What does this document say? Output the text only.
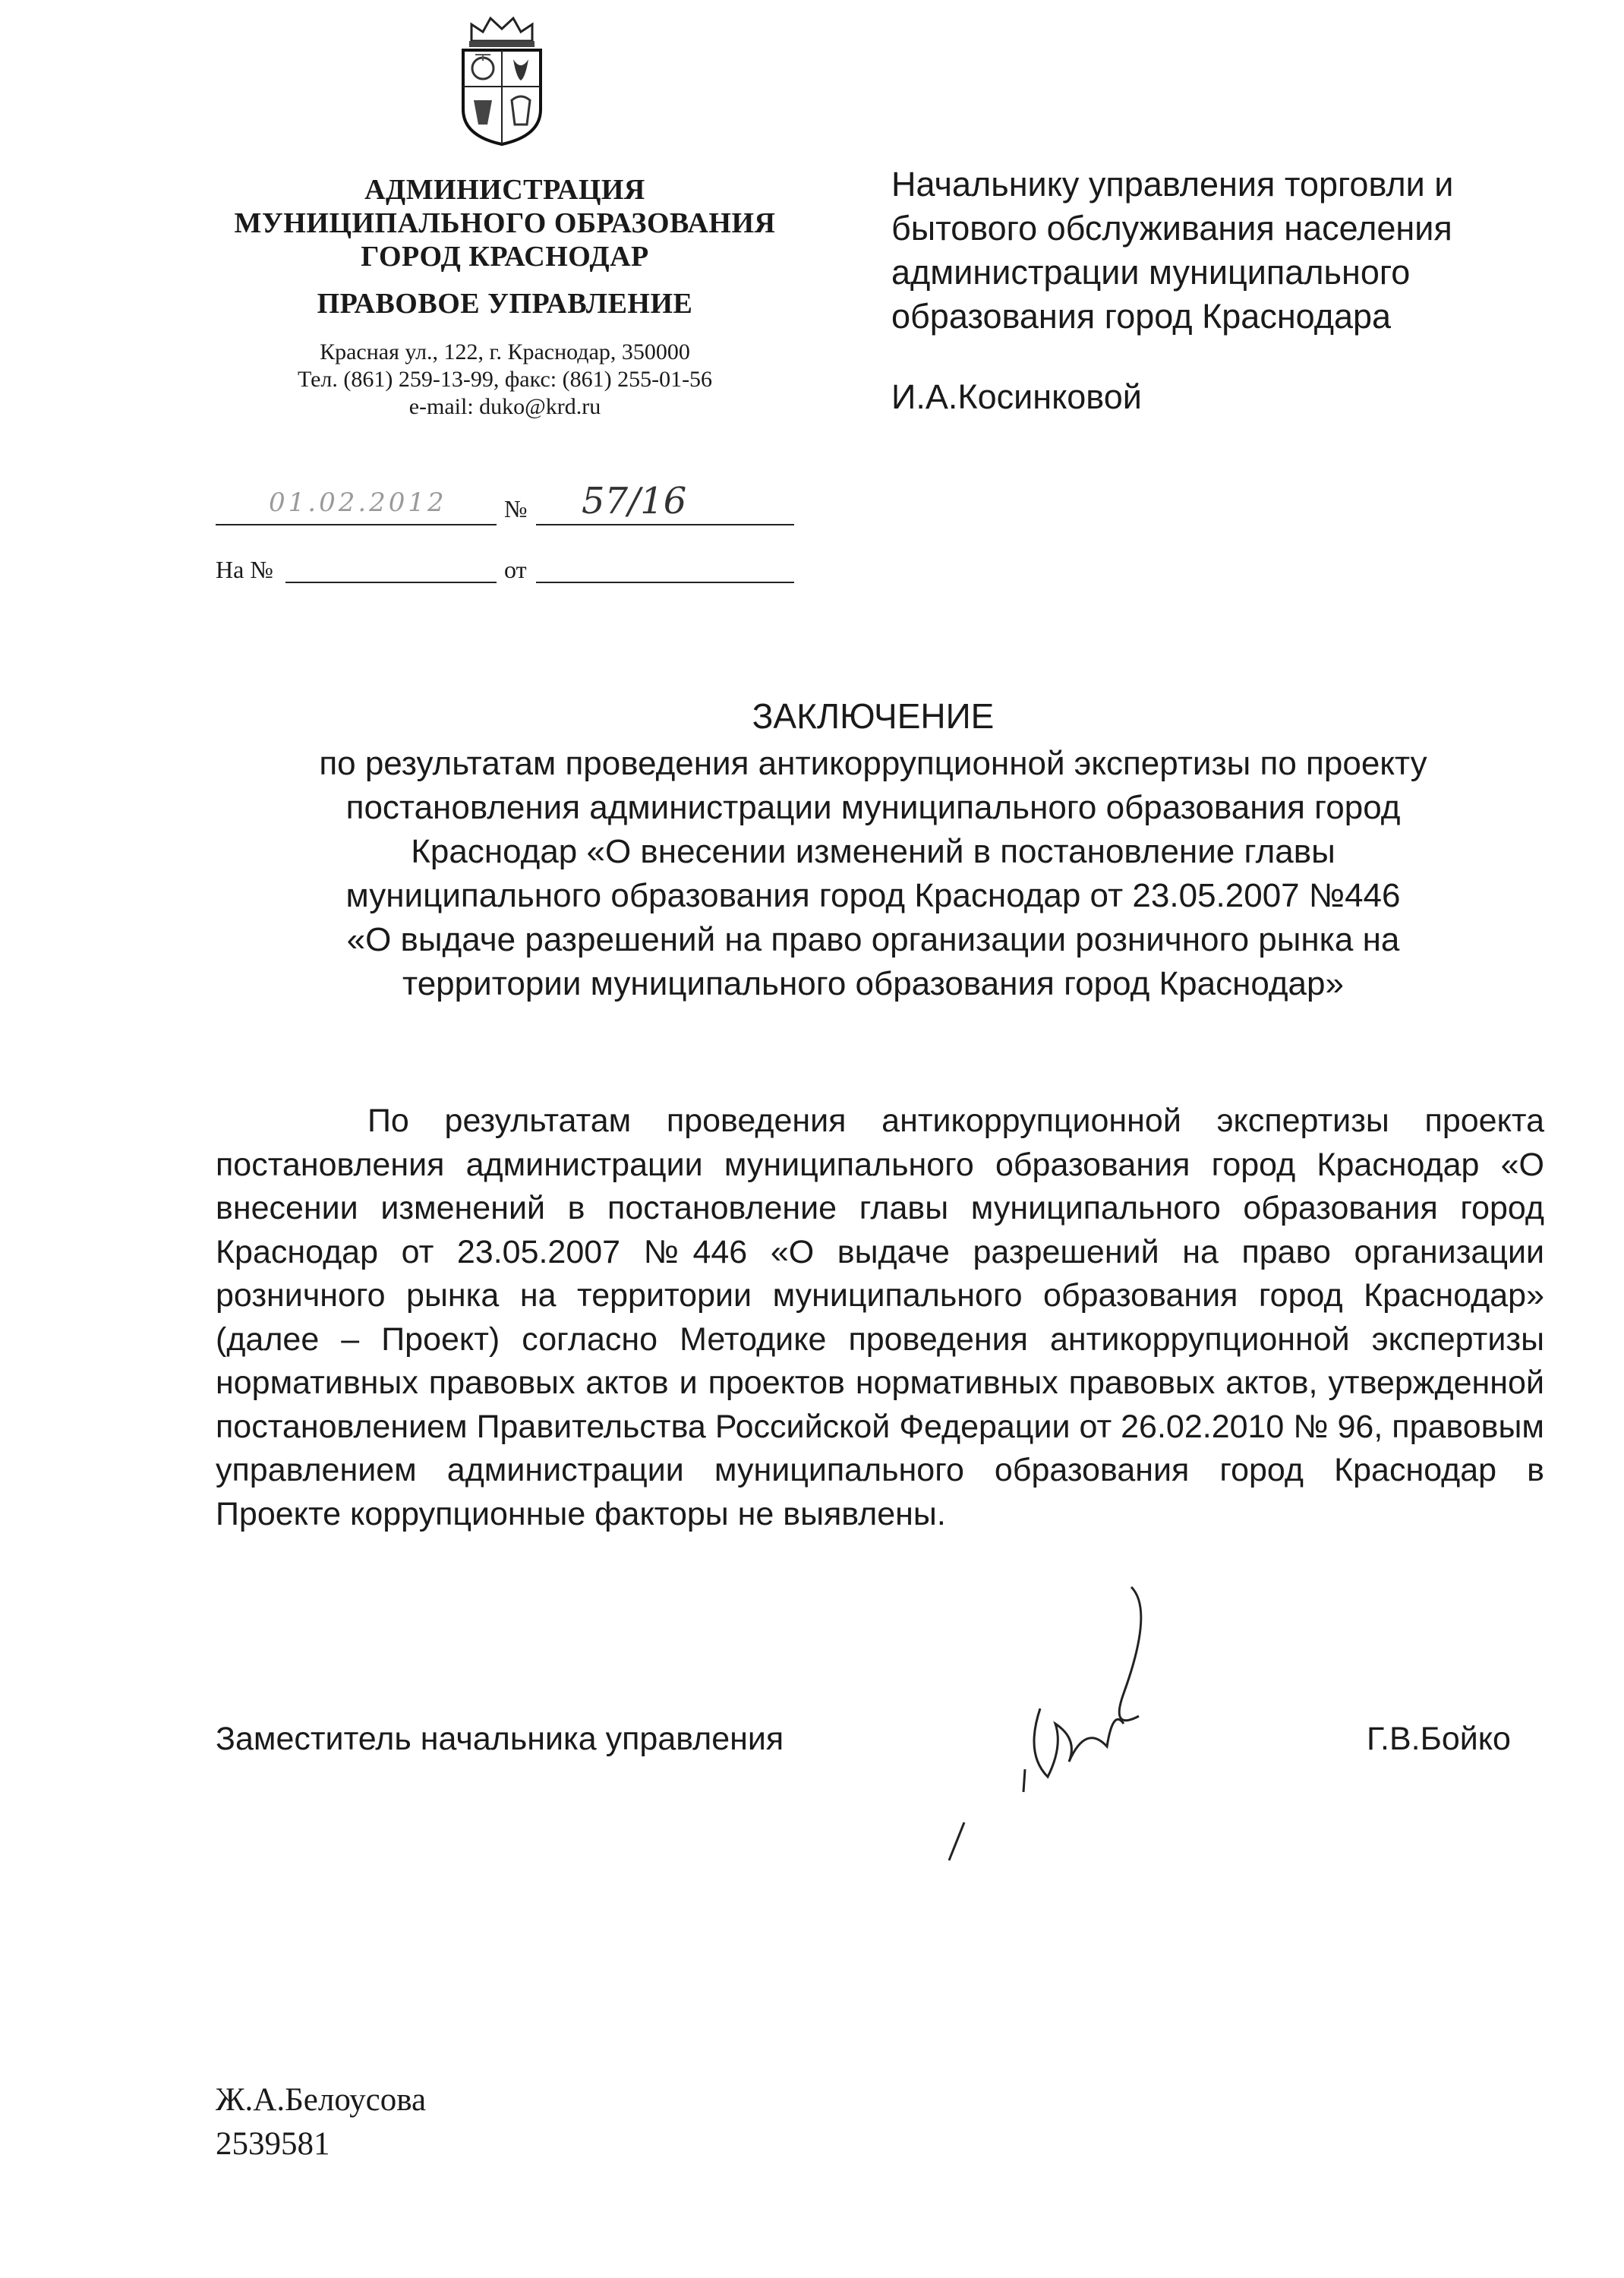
АДМИНИСТРАЦИЯ
МУНИЦИПАЛЬНОГО ОБРАЗОВАНИЯ
ГОРОД КРАСНОДАР
ПРАВОВОЕ УПРАВЛЕНИЕ
Красная ул., 122, г. Краснодар, 350000
Тел. (861) 259-13-99, факс: (861) 255-01-56
e-mail: duko@krd.ru
01.02.2012 № 57/16
На №	от
Начальнику управления торговли и
бытового обслуживания населения
администрации муниципального
образования город Краснодара
И.А.Косинковой
ЗАКЛЮЧЕНИЕ
по результатам проведения антикоррупционной экспертизы по проекту
постановления администрации муниципального образования город
Краснодар «О внесении изменений в постановление главы
муниципального образования город Краснодар от 23.05.2007 №446
«О выдаче разрешений на право организации розничного рынка на
территории муниципального образования город Краснодар»
По результатам проведения антикоррупционной экспертизы проекта постановления администрации муниципального образования город Краснодар «О внесении изменений в постановление главы муниципального образования город Краснодар от 23.05.2007 №446 «О выдаче разрешений на право организации розничного рынка на территории муниципального образования город Краснодар» (далее – Проект) согласно Методике проведения антикоррупционной экспертизы нормативных правовых актов и проектов нормативных правовых актов, утвержденной постановлением Правительства Российской Федерации от 26.02.2010 № 96, правовым управлением администрации муниципального образования город Краснодар в Проекте коррупционные факторы не выявлены.
Заместитель начальника управления	Г.В.Бойко
Ж.А.Белоусова
2539581
